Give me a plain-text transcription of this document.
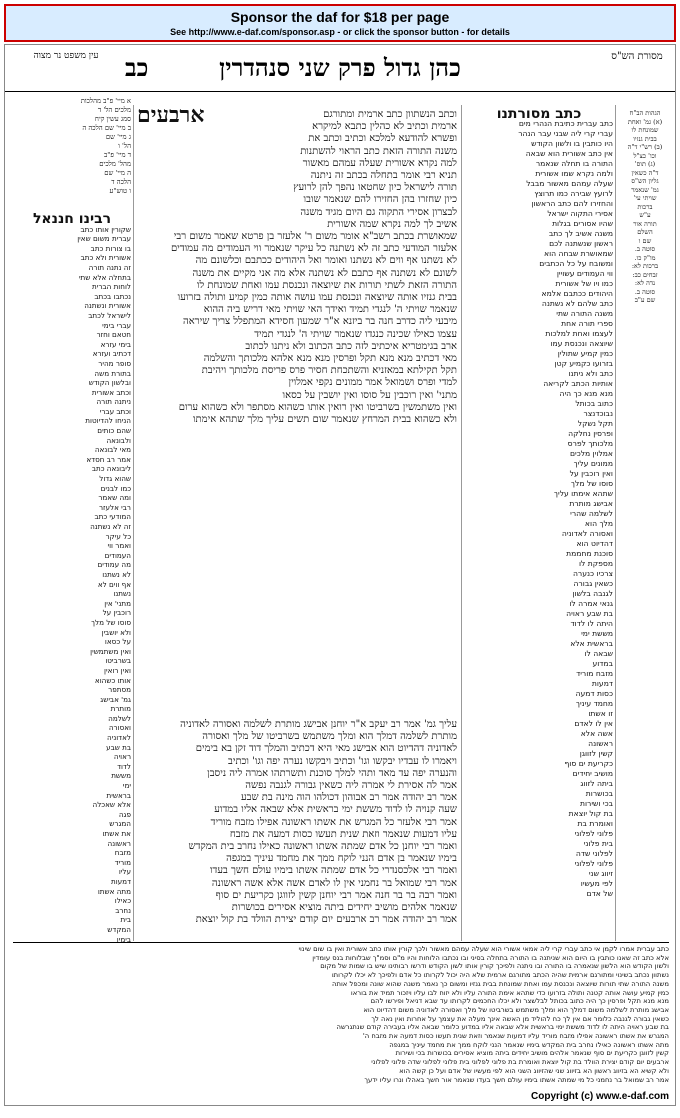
Sponsor the daf for $18 per page
See http://www.e-daf.com/sponsor.asp - or click the sponsor button - for details
מסורת הש"ס
כהן גדול פרק שני סנהדרין
כב
עין משפט נר מצוה
א מיי' פ"ב מהלכות
מלכים הל' ד
סמג עשין קיח
ב מיי' שם הלכה ה
ג מיי' שם
הל' ו
ד מיי' פ"ב
מהל' מלכים
ה מיי' שם
הלכה ד
ו טוש"ע
הגהות הב"ח
(א) גמ' ואחת
שמונחת לו
בבית גנזיו
(ב) רש"י ד"ה
וכו' כצ"ל
(ג) תוס'
ד"ה כשאין
גליון הש"ס
גמ' שנאמר
שויתי עי'
ברכות
ע"ש
תורה אור
השלם
שם ו
סוטה ב.
מו"ק כו.
ברכות לא:
זבחים כב:
נדה לא:
סוטה ב.
שם ע"ב
כתב מסורתנו
כתב עברית כתיבת הנהרי מים
עברי קרי ליה שבני עבר הנהר
היו כותבין בו ולשון הקודש
אין כתב אשורית הוא שבאה
התורה בו תחלה שנאמר
ולמה נקרא שמו אשורית
שעלה עמהם מאשור מבבל
לרועץ שבירה כמו תרוצץ
והחזירו להם כתב הראשון
אסירי התקוה ישראל
שהיו אסורים בגלות
משנה אשיב לך כתב
ראשון שנשתנה לכם
שמאושרת שבחה הוא
ומשובח על כל הכתבים
ווי העמודים עשויין
כמו ויו של אשורית
היהודים ככתבם אלמא
כתב שלהם לא נשתנה
משנה התורה שתי
ספרי תורה אחת
לעצמו ואחת למלכות
שיוצאה ונכנסת עמו
כמין קמיע שתולין
בזרועו כקמיע קטן
כתב ולא ניתנו
אותיות הכתב לקריאה
מנא מנא כך היה
כתוב בכותל
נבוכדנצר
תקל נשקל
ופרסין נחלקה
מלכותך לפרס
אמלוין מלכים
ממונים עליך
ואין רוכבין על
סוסו של מלך
שתהא אימתו עליך
אבישג מותרת
לשלמה שהרי
מלך הוא
ואסורה לאדוניה
דהדיוט הוא
סוכנת מחממת
מספקת לו
צרכיו כנערה
כשאין גבורה
לגנבה בלשון
גנאי אמרה לו
בת שבע ראויה
היתה לו לדוד
מששת ימי
בראשית אלא
שבאה לו
במדוע
מזבח מוריד
דמעות
כסות דמעה
מחמד עיניך
זו אשתו
אין לו לאדם
אשה אלא
ראשונה
קשין לזווגן
כקריעת ים סוף
מושיב יחידים
ביתה לזווג
בכושרות
בכי ושירות
בת קול יוצאת
ואומרת בת
פלוני לפלוני
בית פלוני
לפלוני שדה
פלוני לפלוני
זיווג שני
לפי מעשיו
של אדם
ארבעים	וכתב הנשתוון כתב ארמית ומתורגם
ארמית וכתיב לא כהלין כתבא למיקרא
ופשרא להודעא למלכא וכתיב וכתב את
משנה התורה הזאת כתב הראוי להשתנות
למה נקרא אשורית שעלה עמהם מאשור
תניא רבי אומר בתחלה בכתב זה ניתנה
תורה לישראל כיון שחטאו נהפך להן לרועץ
כיון שחזרו בהן החזירו להם שנאמר שובו
לבצרון אסירי התקוה גם היום מגיד משנה
אשיב לך למה נקרא שמה אשורית
שמאושרת בכתב רשב"א אומר משום ר' אלעזר בן פרטא שאמר משום רבי
אלעזר המודעי כתב זה לא נשתנה כל עיקר שנאמר ווי העמודים מה עמודים
לא נשתנו אף ווים לא נשתנו ואומר ואל היהודים ככתבם וכלשונם מה
לשונם לא נשתנה אף כתבם לא נשתנה אלא מה אני מקיים את משנה
התורה הזאת לשתי תורות את שיוצאה ונכנסת עמו ואחת שמונחת לו
בבית גנזיו אותה שיוצאה ונכנסת עמו עושה אותה כמין קמיע ותולה בזרועו
שנאמר שויתי ה' לנגדי תמיד ואידך האי שויתי מאי דריש ביה ההוא
מיבעי ליה כדרב חנה בר ביזנא א"ר שמעון חסידא המתפלל צריך שיראה
עצמו כאילו שכינה כנגדו שנאמר שויתי ה' לנגדי תמיד
ארב בגימטריא איכתיב לזה כתב הכתוב ולא ניתנו לכתוב
מאי דכתיב מנא מנא תקל ופרסין מנא מנא אלהא מלכותך והשלמה
תקל תקילתא במאזניא והשתכחת חסיר פרס פריסת מלכותך ויהיבת
למדי ופרס ושמואל אמר ממונים נקפי אמלוין
מתני' ואין רוכבין על סוסו ואין יושבין על כסאו
ואין משתמשין בשרביטו ואין רואין אותו כשהוא מסתפר ולא כשהוא ערום
ולא כשהוא בבית המרחץ שנאמר שום תשים עליך מלך שתהא אימתו
עליך גמ' אמר רב יעקב א"ר יוחנן אבישג מותרת לשלמה ואסורה לאדוניה
מותרת לשלמה דמלך הוא ומלך משתמש בשרביטו של מלך ואסורה
לאדוניה דהדיוט הוא אבישג מאי היא דכתיב והמלך דוד זקן בא בימים
ויאמרו לו עבדיו יבקשו וגו' וכתיב ויבקשו נערה יפה וגו' וכתיב
והנערה יפה עד מאד ותהי למלך סוכנת ותשרתהו אמרה ליה ניסבן
אמר לה אסירת לי אמרה ליה כשאין גבורה לגנבה נפשה
אמר רב יהודה אמר רב אבוהון דכולהו הוה מינה בת שבע
שעה קנויה לו לדוד מששת ימי בראשית אלא שבאה אליו במדוע
אמר רבי אלעזר כל המגרש את אשתו ראשונה אפילו מזבח מוריד
עליו דמעות שנאמר וזאת שנית תעשו כסות דמעה את מזבח
ואמר רבי יוחנן כל אדם שמתה אשתו ראשונה כאילו נחרב בית המקדש
בימיו שנאמר בן אדם הנני לוקח ממך את מחמד עיניך במגפה
ואמר רבי אלכסנדרי כל אדם שמתה אשתו בימיו עולם חשך בעדו
אמר רבי שמואל בר נחמני אין לו לאדם אשה אלא אשה ראשונה
ואמר רבה בר בר חנה אמר רבי יוחנן קשין לזווגן כקריעת ים סוף
שנאמר אלהים מושיב יחידים ביתה מוציא אסירים בכושרות
אמר רב יהודה אמר רב ארבעים יום קודם יצירת הוולד בת קול יוצאת
רבינו חננאל
שקורין אותו כתב
עברית משום שאין
בו צורות כתב
אשורית ולא כתב
זה נתנה תורה
בתחלה אלא שתי
לוחות הברית
נכתבו בכתב
אשורית ונשתנה
לישראל לכתב
עברי בימי
חטאם וחזר
בימי עזרא
דכתיב ועזרא
סופר מהיר
בתורת משה
ובלשון הקודש
וכתב אשורית
ניתנה תורה
וכתב עברי
הניחו להדיוטות
שהם כותים
ולבונאה
מאי לבונאה
אמר רב חסדא
ליבונאה כתב
שהוא גדול
כמו לבנים
ומה שאמר
רבי אלעזר
המודעי כתב
זה לא נשתנה
כל עיקר
ואמר ווי
העמודים
מה עמודים
לא נשתנו
אף ווים לא
נשתנו
מתני' אין
רוכבין על
סוסו של מלך
ולא יושבין
על כסאו
ואין משתמשין
בשרביטו
ואין רואין
אותו כשהוא
מסתפר
גמ' אבישג
מותרת
לשלמה
ואסורה
לאדוניה
בת שבע
ראויה
לדוד
מששת
ימי
בראשית
אלא שאכלה
פגה
המגרש
את אשתו
ראשונה
מזבח
מוריד
עליו
דמעות
מתה אשתו
כאילו
נחרב
בית
המקדש
בימיו
כתב עברית אמרו לקמן אי כתב עברי קרי ליה אמאי אשורי הוא שעלה עמהם מאשור ולכך קורין אותו כתב אשורית ואין בו שום שינוי
אלא כתב זה שאנו כותבין בו היום הוא שניתנה בו התורה בתחלה בסיני ובו נכתבו הלוחות והיו מ"ם וסמ"ך שבלוחות בנס עומדין
ולשון הקודש הוא הלשון שנאמרה בו התורה ובו ניתנה ולפיכך קורין אותו לשון הקודש ודרשו רבותינו שיש בו שמות של מקום
נשתוון נכתב בשינוי ומתורגם ארמית שהיה הכתב מתורגם ארמית שלא היה יכול לקרותו כל אדם ולפיכך לא יכלו לקרותו
משנה התורה שתי תורות שיוצאה ונכנסת עמו ואחת שמונחת בבית גנזיו ומשום כך נאמר משנה שהוא שונה ומכפל אותה
כמין קמיע עושה אותה קטנה ותולה בזרועו כדי שתהא אימת התורה עליו ולא יזוח לבו עליו ויזכור תמיד את בוראו
מנא מנא תקל ופרסין כך היה כתוב בכותל לבלשצר ולא יכלו החכמים לקרותו עד שבא דניאל ופירשו להם
אבישג מותרת לשלמה משום דמלך הוא ומלך משתמש בשרביטו של מלך ואסורה לאדוניה משום דהדיוט הוא
כשאין גבורה לגנבה כלומר אם אין לך כח להוליד מן האשה אינך מעלה את עצמך על אחרות ואין נאה לך
בת שבע ראויה היתה לו לדוד מששת ימי בראשית אלא שבאה אליו במדוע כלומר שבאה אליו בעבירה קודם שנתגרשה
המגרש את אשתו ראשונה אפילו מזבח מוריד עליו דמעות שנאמר וזאת שנית תעשו כסות דמעה את מזבח ה'
מתה אשתו ראשונה כאילו נחרב בית המקדש בימיו שנאמר הנני לוקח ממך את מחמד עיניך במגפה
קשין לזווגן כקריעת ים סוף שנאמר אלהים מושיב יחידים ביתה מוציא אסירים בכושרות בכי ושירות
ארבעים יום קודם יצירת הוולד בת קול יוצאת ואומרת בת פלוני לפלוני בית פלוני לפלוני שדה פלוני לפלוני
ולא קשיא הא בזיווג ראשון הא בזיווג שני שהזיווג השני הוא לפי מעשיו של אדם ועל כן קשה הוא
אמר רב שמואל בר נחמני כל מי שמתה אשתו בימיו עולם חשך בעדו שנאמר אור חשך באהלו ונרו עליו ידעך
Copyright (c) www.e-daf.com
